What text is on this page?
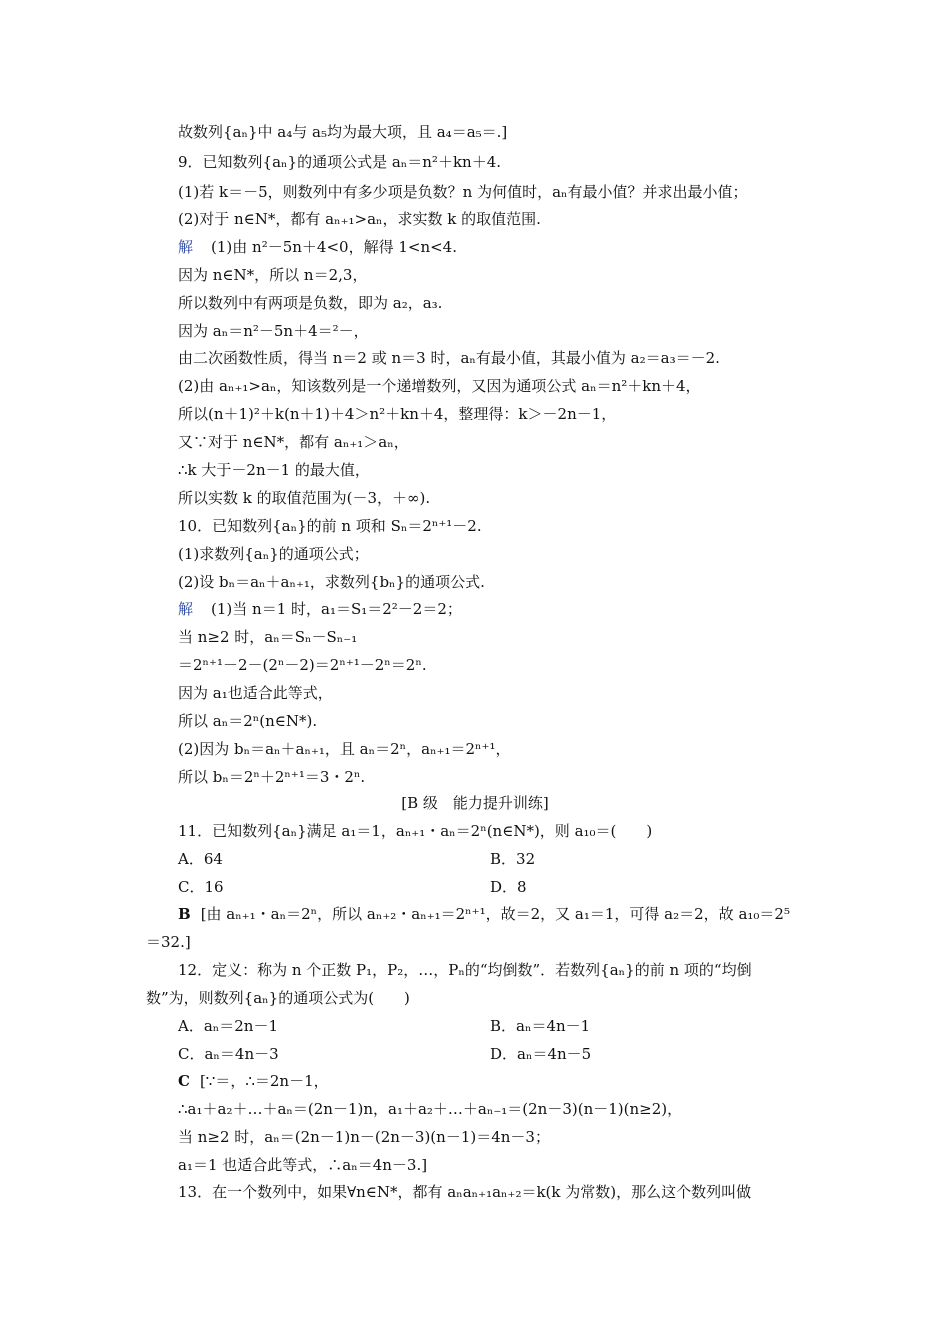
故数列{aₙ}中 a₄与 a₅均为最大项，且 a₄＝a₅＝.]
9．已知数列{aₙ}的通项公式是 aₙ＝n²＋kn＋4.
(1)若 k＝－5，则数列中有多少项是负数？n 为何值时，aₙ有最小值？并求出最小值；
(2)对于 n∈N*，都有 aₙ₊₁>aₙ，求实数 k 的取值范围.
解 (1)由 n²－5n＋4<0，解得 1<n<4.
因为 n∈N*，所以 n＝2,3，
所以数列中有两项是负数，即为 a₂，a₃.
因为 aₙ＝n²－5n＋4＝²－，
由二次函数性质，得当 n＝2 或 n＝3 时，aₙ有最小值，其最小值为 a₂＝a₃＝－2.
(2)由 aₙ₊₁>aₙ，知该数列是一个递增数列，又因为通项公式 aₙ＝n²＋kn＋4，
所以(n＋1)²＋k(n＋1)＋4＞n²＋kn＋4，整理得：k＞－2n－1，
又∵对于 n∈N*，都有 aₙ₊₁＞aₙ，
∴k 大于－2n－1 的最大值，
所以实数 k 的取值范围为(－3，＋∞).
10．已知数列{aₙ}的前 n 项和 Sₙ＝2ⁿ⁺¹－2.
(1)求数列{aₙ}的通项公式；
(2)设 bₙ＝aₙ＋aₙ₊₁，求数列{bₙ}的通项公式.
解 (1)当 n＝1 时，a₁＝S₁＝2²－2＝2；
当 n≥2 时，aₙ＝Sₙ－Sₙ₋₁
＝2ⁿ⁺¹－2－(2ⁿ－2)＝2ⁿ⁺¹－2ⁿ＝2ⁿ.
因为 a₁也适合此等式，
所以 aₙ＝2ⁿ(n∈N*).
(2)因为 bₙ＝aₙ＋aₙ₊₁，且 aₙ＝2ⁿ，aₙ₊₁＝2ⁿ⁺¹，
所以 bₙ＝2ⁿ＋2ⁿ⁺¹＝3・2ⁿ.
[B 级　能力提升训练]
11．已知数列{aₙ}满足 a₁＝1，aₙ₊₁・aₙ＝2ⁿ(n∈N*)，则 a₁₀＝(　　)
A．64	B．32
C．16	D．8
B [由 aₙ₊₁・aₙ＝2ⁿ，所以 aₙ₊₂・aₙ₊₁＝2ⁿ⁺¹，故＝2，又 a₁＝1，可得 a₂＝2，故 a₁₀＝2⁵
＝32.]
12．定义：称为 n 个正数 P₁，P₂，…，Pₙ的“均倒数”．若数列{aₙ}的前 n 项的“均倒
数”为，则数列{aₙ}的通项公式为(　　)
A．aₙ＝2n－1	B．aₙ＝4n－1
C．aₙ＝4n－3	D．aₙ＝4n－5
C [∵＝，∴＝2n－1，
∴a₁＋a₂＋…＋aₙ＝(2n－1)n，a₁＋a₂＋…＋aₙ₋₁＝(2n－3)(n－1)(n≥2)，
当 n≥2 时，aₙ＝(2n－1)n－(2n－3)(n－1)＝4n－3；
a₁＝1 也适合此等式，∴aₙ＝4n－3.]
13．在一个数列中，如果∀n∈N*，都有 aₙaₙ₊₁aₙ₊₂＝k(k 为常数)，那么这个数列叫做
